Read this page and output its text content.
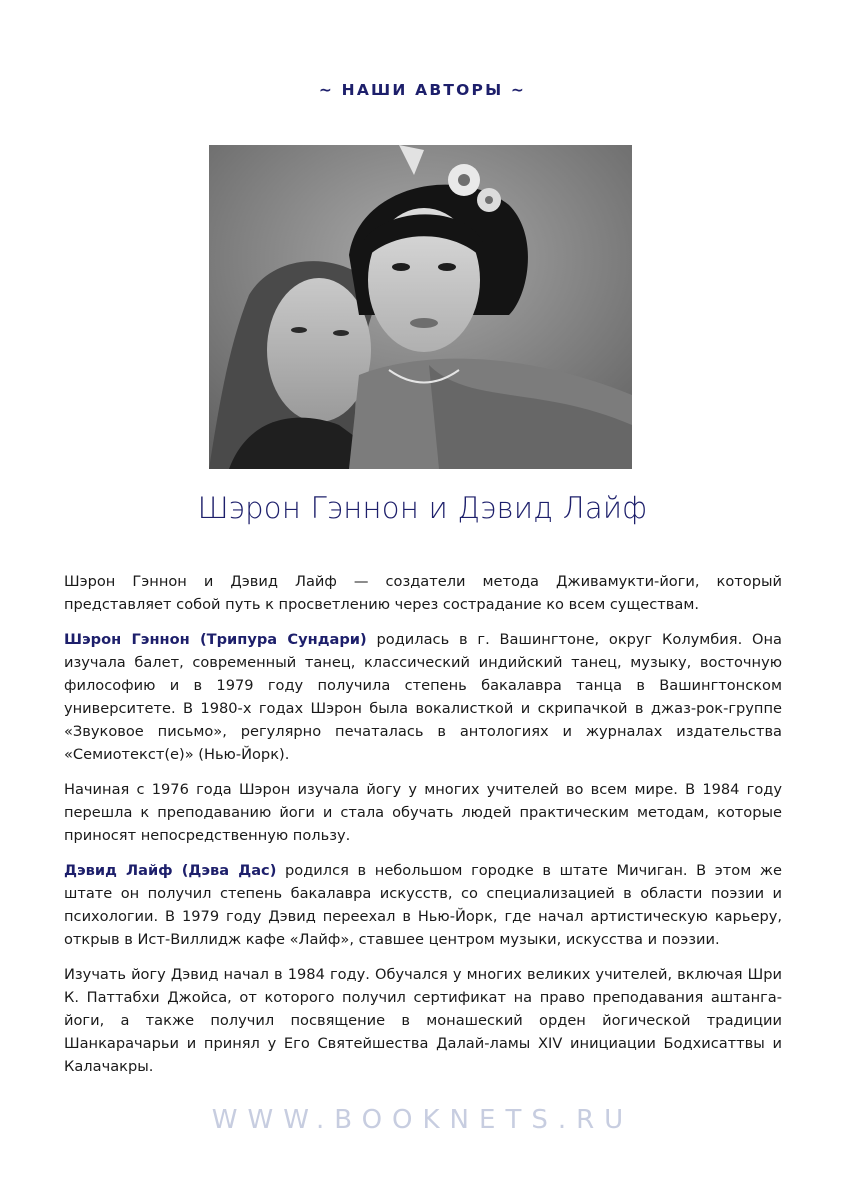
~ НАШИ АВТОРЫ ~
Шэрон Гэннон и Дэвид Лайф

Шэрон Гэннон и Дэвид Лайф — создатели метода Дживамукти-йоги, который представляет собой путь к просветлению через сострадание ко всем существам.

Шэрон Гэннон (Трипура Сундари) родилась в г. Вашингтоне, округ Колумбия. Она изучала балет, современный танец, классический индийский танец, музыку, восточную философию и в 1979 году получила степень бакалавра танца в Вашингтонском университете. В 1980-х годах Шэрон была вокалисткой и скрипачкой в джаз-рок-группе «Звуковое письмо», регулярно печаталась в антологиях и журналах издательства «Семиотекст(е)» (Нью-Йорк).

Начиная с 1976 года Шэрон изучала йогу у многих учителей во всем мире. В 1984 году перешла к преподаванию йоги и стала обучать людей практическим методам, которые приносят непосредственную пользу.

Дэвид Лайф (Дэва Дас) родился в небольшом городке в штате Мичиган. В этом же штате он получил степень бакалавра искусств, со специализацией в области поэзии и психологии. В 1979 году Дэвид переехал в Нью-Йорк, где начал артистическую карьеру, открыв в Ист-Виллидж кафе «Лайф», ставшее центром музыки, искусства и поэзии.

Изучать йогу Дэвид начал в 1984 году. Обучался у многих великих учителей, включая Шри К. Паттабхи Джойса, от которого получил сертификат на право преподавания аштанга-йоги, а также получил посвящение в монашеский орден йогической традиции Шанкарачарьи и принял у Его Святейшества Далай-ламы XIV инициации Бодхисаттвы и Калачакры.

WWW.BOOKNETS.RU
